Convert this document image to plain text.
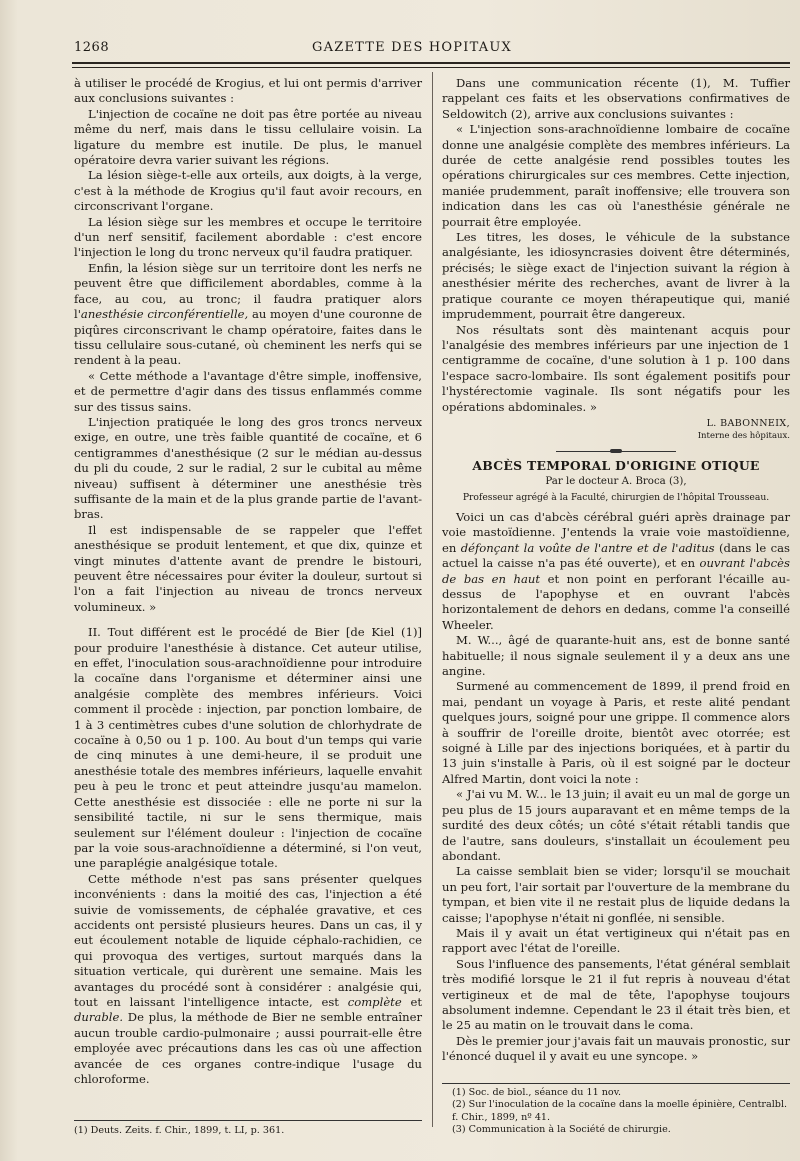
1268	GAZETTE DES HOPITAUX

à utiliser le procédé de Krogius, et lui ont permis d'arriver aux conclusions suivantes :

L'injection de cocaïne ne doit pas être portée au niveau même du nerf, mais dans le tissu cellulaire voisin. La ligature du membre est inutile. De plus, le manuel opératoire devra varier suivant les régions.

La lésion siège-t-elle aux orteils, aux doigts, à la verge, c'est à la méthode de Krogius qu'il faut avoir recours, en circonscrivant l'organe.

La lésion siège sur les membres et occupe le territoire d'un nerf sensitif, facilement abordable : c'est encore l'injection le long du tronc nerveux qu'il faudra pratiquer.

Enfin, la lésion siège sur un territoire dont les nerfs ne peuvent être que difficilement abordables, comme à la face, au cou, au tronc; il faudra pratiquer alors l'anesthésie circonférentielle, au moyen d'une couronne de piqûres circonscrivant le champ opératoire, faites dans le tissu cellulaire sous-cutané, où cheminent les nerfs qui se rendent à la peau.

« Cette méthode a l'avantage d'être simple, inoffensive, et de permettre d'agir dans des tissus enflammés comme sur des tissus sains.

L'injection pratiquée le long des gros troncs nerveux exige, en outre, une très faible quantité de cocaïne, et 6 centigrammes d'anesthésique (2 sur le médian au-dessus du pli du coude, 2 sur le radial, 2 sur le cubital au même niveau) suffisent à déterminer une anesthésie très suffisante de la main et de la plus grande partie de l'avant-bras.

Il est indispensable de se rappeler que l'effet anesthésique se produit lentement, et que dix, quinze et vingt minutes d'attente avant de prendre le bistouri, peuvent être nécessaires pour éviter la douleur, surtout si l'on a fait l'injection au niveau de troncs nerveux volumineux. »

II. Tout différent est le procédé de Bier [de Kiel (1)] pour produire l'anesthésie à distance. Cet auteur utilise, en effet, l'inoculation sous-arachnoïdienne pour introduire la cocaïne dans l'organisme et déterminer ainsi une analgésie complète des membres inférieurs. Voici comment il procède : injection, par ponction lombaire, de 1 à 3 centimètres cubes d'une solution de chlorhydrate de cocaïne à 0,50 ou 1 p. 100. Au bout d'un temps qui varie de cinq minutes à une demi-heure, il se produit une anesthésie totale des membres inférieurs, laquelle envahit peu à peu le tronc et peut atteindre jusqu'au mamelon. Cette anesthésie est dissociée : elle ne porte ni sur la sensibilité tactile, ni sur le sens thermique, mais seulement sur l'élément douleur : l'injection de cocaïne par la voie sous-arachnoïdienne a déterminé, si l'on veut, une paraplégie analgésique totale.

Cette méthode n'est pas sans présenter quelques inconvénients : dans la moitié des cas, l'injection a été suivie de vomissements, de céphalée gravative, et ces accidents ont persisté plusieurs heures. Dans un cas, il y eut écoulement notable de liquide céphalo-rachidien, ce qui provoqua des vertiges, surtout marqués dans la situation verticale, qui durèrent une semaine. Mais les avantages du procédé sont à considérer : analgésie qui, tout en laissant l'intelligence intacte, est complète et durable. De plus, la méthode de Bier ne semble entraîner aucun trouble cardio-pulmonaire ; aussi pourrait-elle être employée avec précautions dans les cas où une affection avancée de ces organes contre-indique l'usage du chloroforme.

(1) Deuts. Zeits. f. Chir., 1899, t. LI, p. 361.

Dans une communication récente (1), M. Tuffier rappelant ces faits et les observations confirmatives de Seldowitch (2), arrive aux conclusions suivantes :

« L'injection sons-arachnoïdienne lombaire de cocaïne donne une analgésie complète des membres inférieurs. La durée de cette analgésie rend possibles toutes les opérations chirurgicales sur ces membres. Cette injection, maniée prudemment, paraît inoffensive; elle trouvera son indication dans les cas où l'anesthésie générale ne pourrait être employée.

Les titres, les doses, le véhicule de la substance analgésiante, les idiosyncrasies doivent être déterminés, précisés; le siège exact de l'injection suivant la région à anesthésier mérite des recherches, avant de livrer à la pratique courante ce moyen thérapeutique qui, manié imprudemment, pourrait être dangereux.

Nos résultats sont dès maintenant acquis pour l'analgésie des membres inférieurs par une injection de 1 centigramme de cocaïne, d'une solution à 1 p. 100 dans l'espace sacro-lombaire. Ils sont également positifs pour l'hystérectomie vaginale. Ils sont négatifs pour les opérations abdominales. »

L. BABONNEIX,
Interne des hôpitaux.
ABCÈS TEMPORAL D'ORIGINE OTIQUE
Par le docteur A. Broca (3),
Professeur agrégé à la Faculté, chirurgien de l'hôpital Trousseau.

Voici un cas d'abcès cérébral guéri après drainage par voie mastoïdienne. J'entends la vraie voie mastoïdienne, en défonçant la voûte de l'antre et de l'aditus (dans le cas actuel la caisse n'a pas été ouverte), et en ouvrant l'abcès de bas en haut et non point en perforant l'écaille au-dessus de l'apophyse et en ouvrant l'abcès horizontalement de dehors en dedans, comme l'a conseillé Wheeler.

M. W..., âgé de quarante-huit ans, est de bonne santé habituelle; il nous signale seulement il y a deux ans une angine.

Surmené au commencement de 1899, il prend froid en mai, pendant un voyage à Paris, et reste alité pendant quelques jours, soigné pour une grippe. Il commence alors à souffrir de l'oreille droite, bientôt avec otorrée; est soigné à Lille par des injections boriquées, et à partir du 13 juin s'installe à Paris, où il est soigné par le docteur Alfred Martin, dont voici la note :

« J'ai vu M. W... le 13 juin; il avait eu un mal de gorge un peu plus de 15 jours auparavant et en même temps de la surdité des deux côtés; un côté s'était rétabli tandis que de l'autre, sans douleurs, s'installait un écoulement peu abondant.

La caisse semblait bien se vider; lorsqu'il se mouchait un peu fort, l'air sortait par l'ouverture de la membrane du tympan, et bien vite il ne restait plus de liquide dedans la caisse; l'apophyse n'était ni gonflée, ni sensible.

Mais il y avait un état vertigineux qui n'était pas en rapport avec l'état de l'oreille.

Sous l'influence des pansements, l'état général semblait très modifié lorsque le 21 il fut repris à nouveau d'état vertigineux et de mal de tête, l'apophyse toujours absolument indemne. Cependant le 23 il était très bien, et le 25 au matin on le trouvait dans le coma.

Dès le premier jour j'avais fait un mauvais pronostic, sur l'énoncé duquel il y avait eu une syncope. »

(1) Soc. de biol., séance du 11 nov.
(2) Sur l'inoculation de la cocaïne dans la moelle épinière, Centralbl. f. Chir., 1899, nº 41.
(3) Communication à la Société de chirurgie.
